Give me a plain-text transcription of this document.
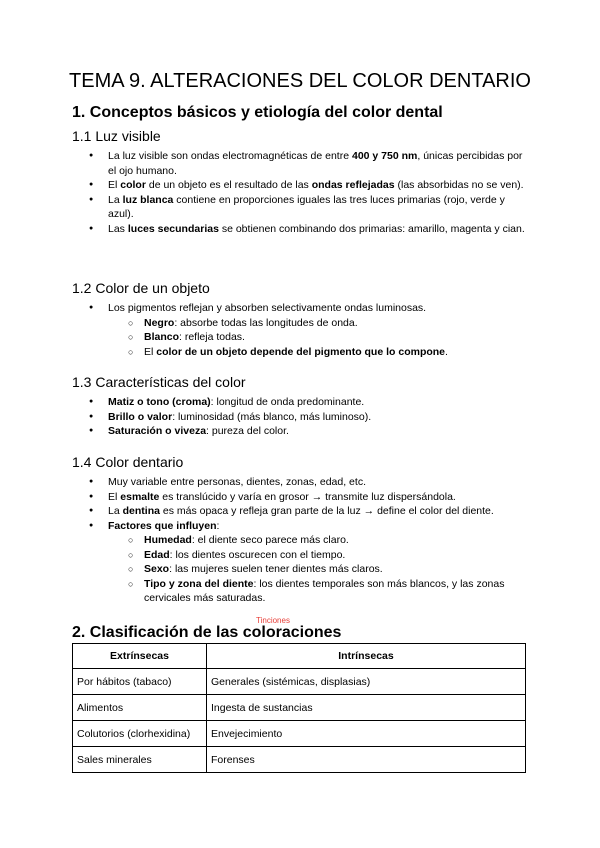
TEMA 9. ALTERACIONES DEL COLOR DENTARIO
1. Conceptos básicos y etiología del color dental
1.1 Luz visible
● La luz visible son ondas electromagnéticas de entre 400 y 750 nm, únicas percibidas por el ojo humano.
● El color de un objeto es el resultado de las ondas reflejadas (las absorbidas no se ven).
● La luz blanca contiene en proporciones iguales las tres luces primarias (rojo, verde y azul).
● Las luces secundarias se obtienen combinando dos primarias: amarillo, magenta y cian.
1.2 Color de un objeto
● Los pigmentos reflejan y absorben selectivamente ondas luminosas.
○ Negro: absorbe todas las longitudes de onda.
○ Blanco: refleja todas.
○ El color de un objeto depende del pigmento que lo compone.
1.3 Características del color
● Matiz o tono (croma): longitud de onda predominante.
● Brillo o valor: luminosidad (más blanco, más luminoso).
● Saturación o viveza: pureza del color.
1.4 Color dentario
● Muy variable entre personas, dientes, zonas, edad, etc.
● El esmalte es translúcido y varía en grosor → transmite luz dispersándola.
● La dentina es más opaca y refleja gran parte de la luz → define el color del diente.
● Factores que influyen:
○ Humedad: el diente seco parece más claro.
○ Edad: los dientes oscurecen con el tiempo.
○ Sexo: las mujeres suelen tener dientes más claros.
○ Tipo y zona del diente: los dientes temporales son más blancos, y las zonas cervicales más saturadas.
Tinciones
2. Clasificación de las coloraciones
Extrínsecas	Intrínsecas
Por hábitos (tabaco)	Generales (sistémicas, displasias)
Alimentos	Ingesta de sustancias
Colutorios (clorhexidina)	Envejecimiento
Sales minerales	Forenses
